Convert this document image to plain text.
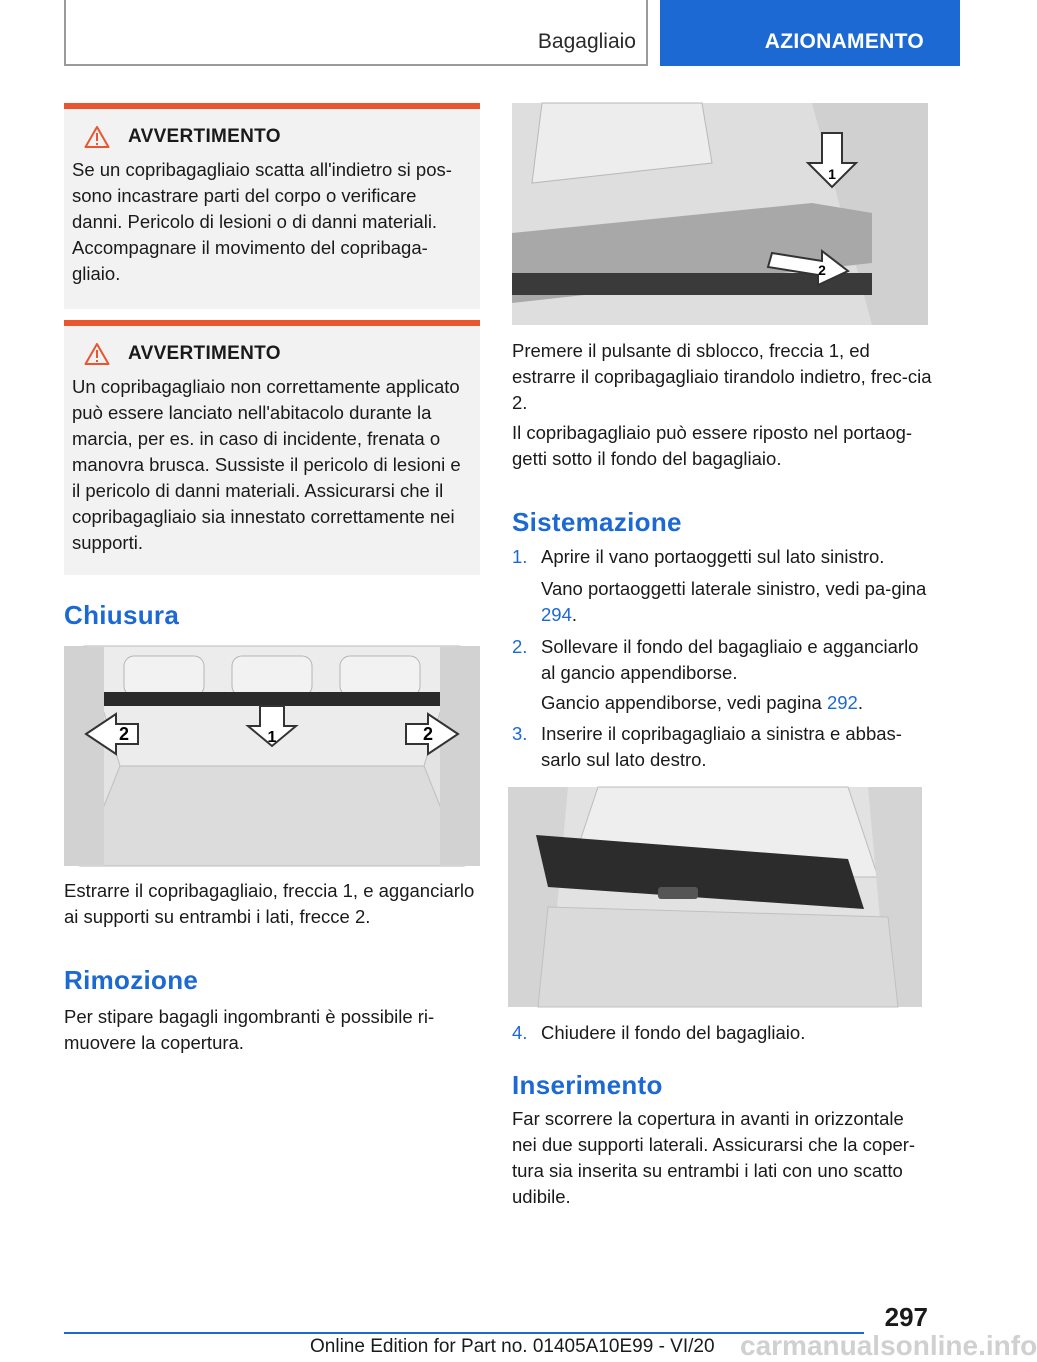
Bagagliaio	AZIONAMENTO
AVVERTIMENTO
Se un copribagagliaio scatta all'indietro si pos-sono incastrare parti del corpo o verificare danni. Pericolo di lesioni o di danni materiali. Accompagnare il movimento del copribaga-gliaio.
AVVERTIMENTO
Un copribagagliaio non correttamente applicato può essere lanciato nell'abitacolo durante la marcia, per es. in caso di incidente, frenata o manovra brusca. Sussiste il pericolo di lesioni e il pericolo di danni materiali. Assicurarsi che il copribagagliaio sia innestato correttamente nei supporti.
Chiusura
2	1	2
Estrarre il copribagagliaio, freccia 1, e agganciarlo ai supporti su entrambi i lati, frecce 2.
Rimozione
Per stipare bagagli ingombranti è possibile ri-muovere la copertura.
1
2
Premere il pulsante di sblocco, freccia 1, ed estrarre il copribagagliaio tirandolo indietro, frec-cia 2.
Il copribagagliaio può essere riposto nel portaog-getti sotto il fondo del bagagliaio.
Sistemazione
1. Aprire il vano portaoggetti sul lato sinistro.
Vano portaoggetti laterale sinistro, vedi pa-gina 294.
2. Sollevare il fondo del bagagliaio e agganciarlo al gancio appendiborse.
Gancio appendiborse, vedi pagina 292.
3. Inserire il copribagagliaio a sinistra e abbas-sarlo sul lato destro.
4. Chiudere il fondo del bagagliaio.
Inserimento
Far scorrere la copertura in avanti in orizzontale nei due supporti laterali. Assicurarsi che la coper-tura sia inserita su entrambi i lati con uno scatto udibile.
297
Online Edition for Part no. 01405A10E99 - VI/20 carmanualsonline.info
